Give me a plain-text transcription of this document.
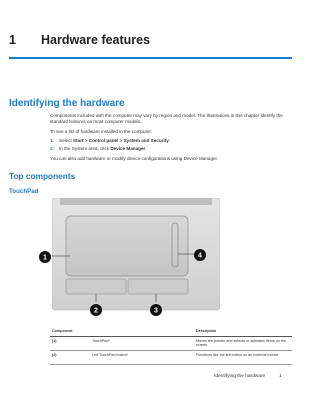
1 Hardware features
Identifying the hardware
Components included with the computer may vary by region and model. The illustrations in this chapter identify the standard features on most computer models.
To see a list of hardware installed in the computer:
1. Select Start > Control panel > System and Security.
2. In the System area, click Device Manager.
You can also add hardware or modify device configurations using Device Manager.
Top components
TouchPad
1	4
2	3
Component		Description
(1)	TouchPad*	Moves the pointer and selects or activates items on the screen.
(2)	Left TouchPad button*	Functions like the left button on an external mouse.
Identifying the hardware	1
